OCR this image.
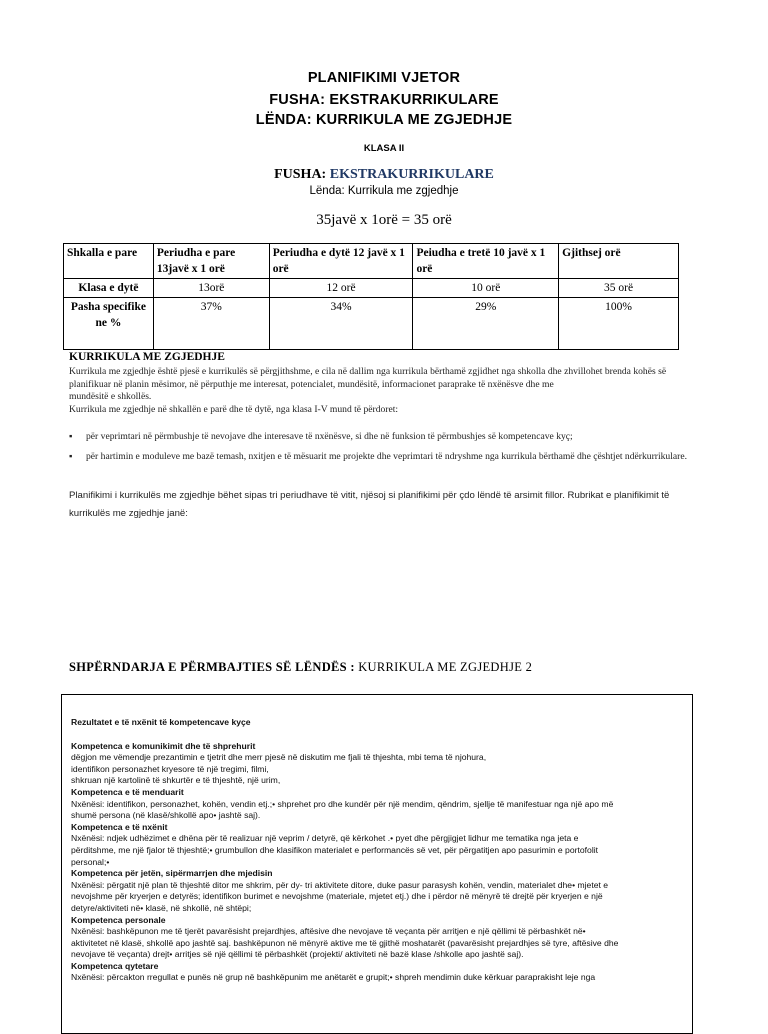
PLANIFIKIMI VJETOR
FUSHA: EKSTRAKURRIKULARE
LËNDA: KURRIKULA ME ZGJEDHJE
KLASA II
FUSHA: EKSTRAKURRIKULARE
Lënda: Kurrikula me zgjedhje
35javë x 1orë = 35 orë
Shkalla e pare	Periudha e pare 13javë x 1 orë	Periudha e dytë 12 javë x 1 orë	Peiudha e tretë 10 javë x 1 orë	Gjithsej orë
Klasa e dytë	13orë	12 orë	10 orë	35 orë
Pasha specifike ne %	37%	34%	29%	100%
KURRIKULA ME ZGJEDHJE
Kurrikula me zgjedhje është pjesë e kurrikulës së përgjithshme, e cila në dallim nga kurrikula bërthamë zgjidhet nga shkolla dhe zhvillohet brenda kohës së planifikuar në planin mësimor, në përputhje me interesat, potencialet, mundësitë, informacionet paraprake të nxënësve dhe me
mundësitë e shkollës.
Kurrikula me zgjedhje në shkallën e parë dhe të dytë, nga klasa I-V mund të përdoret:
▪ për veprimtari në përmbushje të nevojave dhe interesave të nxënësve, si dhe në funksion të përmbushjes së kompetencave kyç;
▪ për hartimin e moduleve me bazë temash, nxitjen e të mësuarit me projekte dhe veprimtari të ndryshme nga kurrikula bërthamë dhe çështjet ndërkurrikulare.
Planifikimi i kurrikulës me zgjedhje bëhet sipas tri periudhave të vitit, njësoj si planifikimi për çdo lëndë të arsimit fillor. Rubrikat e planifikimit të kurrikulës me zgjedhje janë:
SHPËRNDARJA E PËRMBAJTIES SË LËNDËS : KURRIKULA ME ZGJEDHJE 2
Rezultatet e të nxënit të kompetencave kyçe
Kompetenca e komunikimit dhe të shprehurit
dëgjon me vëmendje prezantimin e tjetrit dhe merr pjesë në diskutim me fjali të thjeshta, mbi tema të njohura,
identifikon personazhet kryesore të një tregimi, filmi,
shkruan një kartolinë të shkurtër e të thjeshtë, një urim,
Kompetenca e të menduarit
Nxënësi: identifikon, personazhet, kohën, vendin etj.;• shprehet pro dhe kundër për një mendim, qëndrim, sjellje të manifestuar nga një apo më
shumë persona (në klasë/shkollë apo• jashtë saj).
Kompetenca e të nxënit
Nxënësi: ndjek udhëzimet e dhëna për të realizuar një veprim / detyrë, që kërkohet .• pyet dhe përgjigjet lidhur me tematika nga jeta e
përditshme, me një fjalor të thjeshtë;• grumbullon dhe klasifikon materialet e performancës së vet, për përgatitjen apo pasurimin e portofolit
personal;•
Kompetenca për jetën, sipërmarrjen dhe mjedisin
Nxënësi: përgatit një plan të thjeshtë ditor me shkrim, për dy- tri aktivitete ditore, duke pasur parasysh kohën, vendin, materialet dhe• mjetet e
nevojshme për kryerjen e detyrës; identifikon burimet e nevojshme (materiale, mjetet etj.) dhe i përdor në mënyrë të drejtë për kryerjen e një
detyre/aktiviteti në• klasë, në shkollë, në shtëpi;
Kompetenca personale
Nxënësi: bashkëpunon me të tjerët pavarësisht prejardhjes, aftësive dhe nevojave të veçanta për arritjen e një qëllimi të përbashkët në•
aktivitetet në klasë, shkollë apo jashtë saj. bashkëpunon në mënyrë aktive me të gjithë moshatarët (pavarësisht prejardhjes së tyre, aftësive dhe
nevojave të veçanta) drejt• arritjes së një qëllimi të përbashkët (projekti/ aktiviteti në bazë klase /shkolle apo jashtë saj).
Kompetenca qytetare
Nxënësi: përcakton rregullat e punës në grup në bashkëpunim me anëtarët e grupit;• shpreh mendimin duke kërkuar paraprakisht leje nga
